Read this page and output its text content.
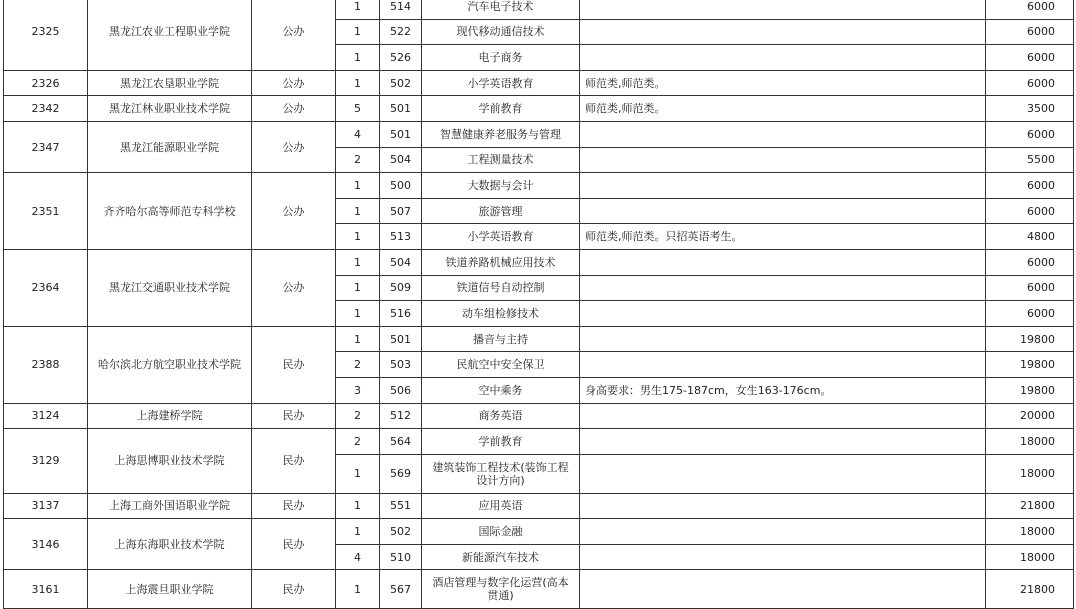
2325	黑龙江农业工程职业学院	公办	1	514	汽车电子技术		6000
			1	522	现代移动通信技术		6000
			1	526	电子商务		6000
2326	黑龙江农垦职业学院	公办	1	502	小学英语教育	师范类,师范类。	6000
2342	黑龙江林业职业技术学院	公办	5	501	学前教育	师范类,师范类。	3500
2347	黑龙江能源职业学院	公办	4	501	智慧健康养老服务与管理		6000
			2	504	工程测量技术		5500
2351	齐齐哈尔高等师范专科学校	公办	1	500	大数据与会计		6000
			1	507	旅游管理		6000
			1	513	小学英语教育	师范类,师范类。只招英语考生。	4800
2364	黑龙江交通职业技术学院	公办	1	504	铁道养路机械应用技术		6000
			1	509	铁道信号自动控制		6000
			1	516	动车组检修技术		6000
2388	哈尔滨北方航空职业技术学院	民办	1	501	播音与主持		19800
			2	503	民航空中安全保卫		19800
			3	506	空中乘务	身高要求：男生175-187cm，女生163-176cm。	19800
3124	上海建桥学院	民办	2	512	商务英语		20000
3129	上海思博职业技术学院	民办	2	564	学前教育		18000
			1	569	建筑装饰工程技术(装饰工程设计方向)		18000
3137	上海工商外国语职业学院	民办	1	551	应用英语		21800
3146	上海东海职业技术学院	民办	1	502	国际金融		18000
			4	510	新能源汽车技术		18000
3161	上海震旦职业学院	民办	1	567	酒店管理与数字化运营(高本贯通)		21800
